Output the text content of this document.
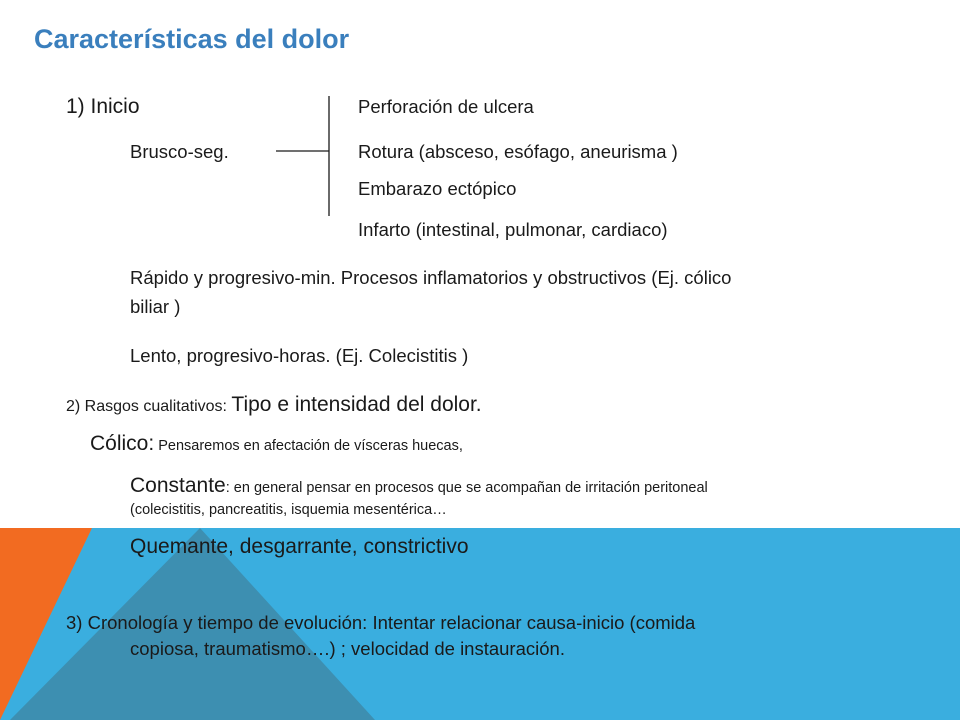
Características del dolor
1) Inicio
Brusco-seg.
Perforación de ulcera
Rotura (absceso, esófago, aneurisma )
Embarazo ectópico
Infarto (intestinal, pulmonar, cardiaco)
Rápido y progresivo-min. Procesos inflamatorios y obstructivos (Ej. cólico
biliar )
Lento, progresivo-horas. (Ej. Colecistitis )
2) Rasgos cualitativos: Tipo e intensidad del dolor.
Cólico: Pensaremos en afectación de vísceras huecas,
Constante: en general pensar en procesos que se acompañan de irritación peritoneal
(colecistitis, pancreatitis, isquemia mesentérica…
Quemante, desgarrante, constrictivo
3) Cronología y tiempo de evolución: Intentar relacionar causa-inicio (comida
copiosa, traumatismo….) ; velocidad de instauración.
